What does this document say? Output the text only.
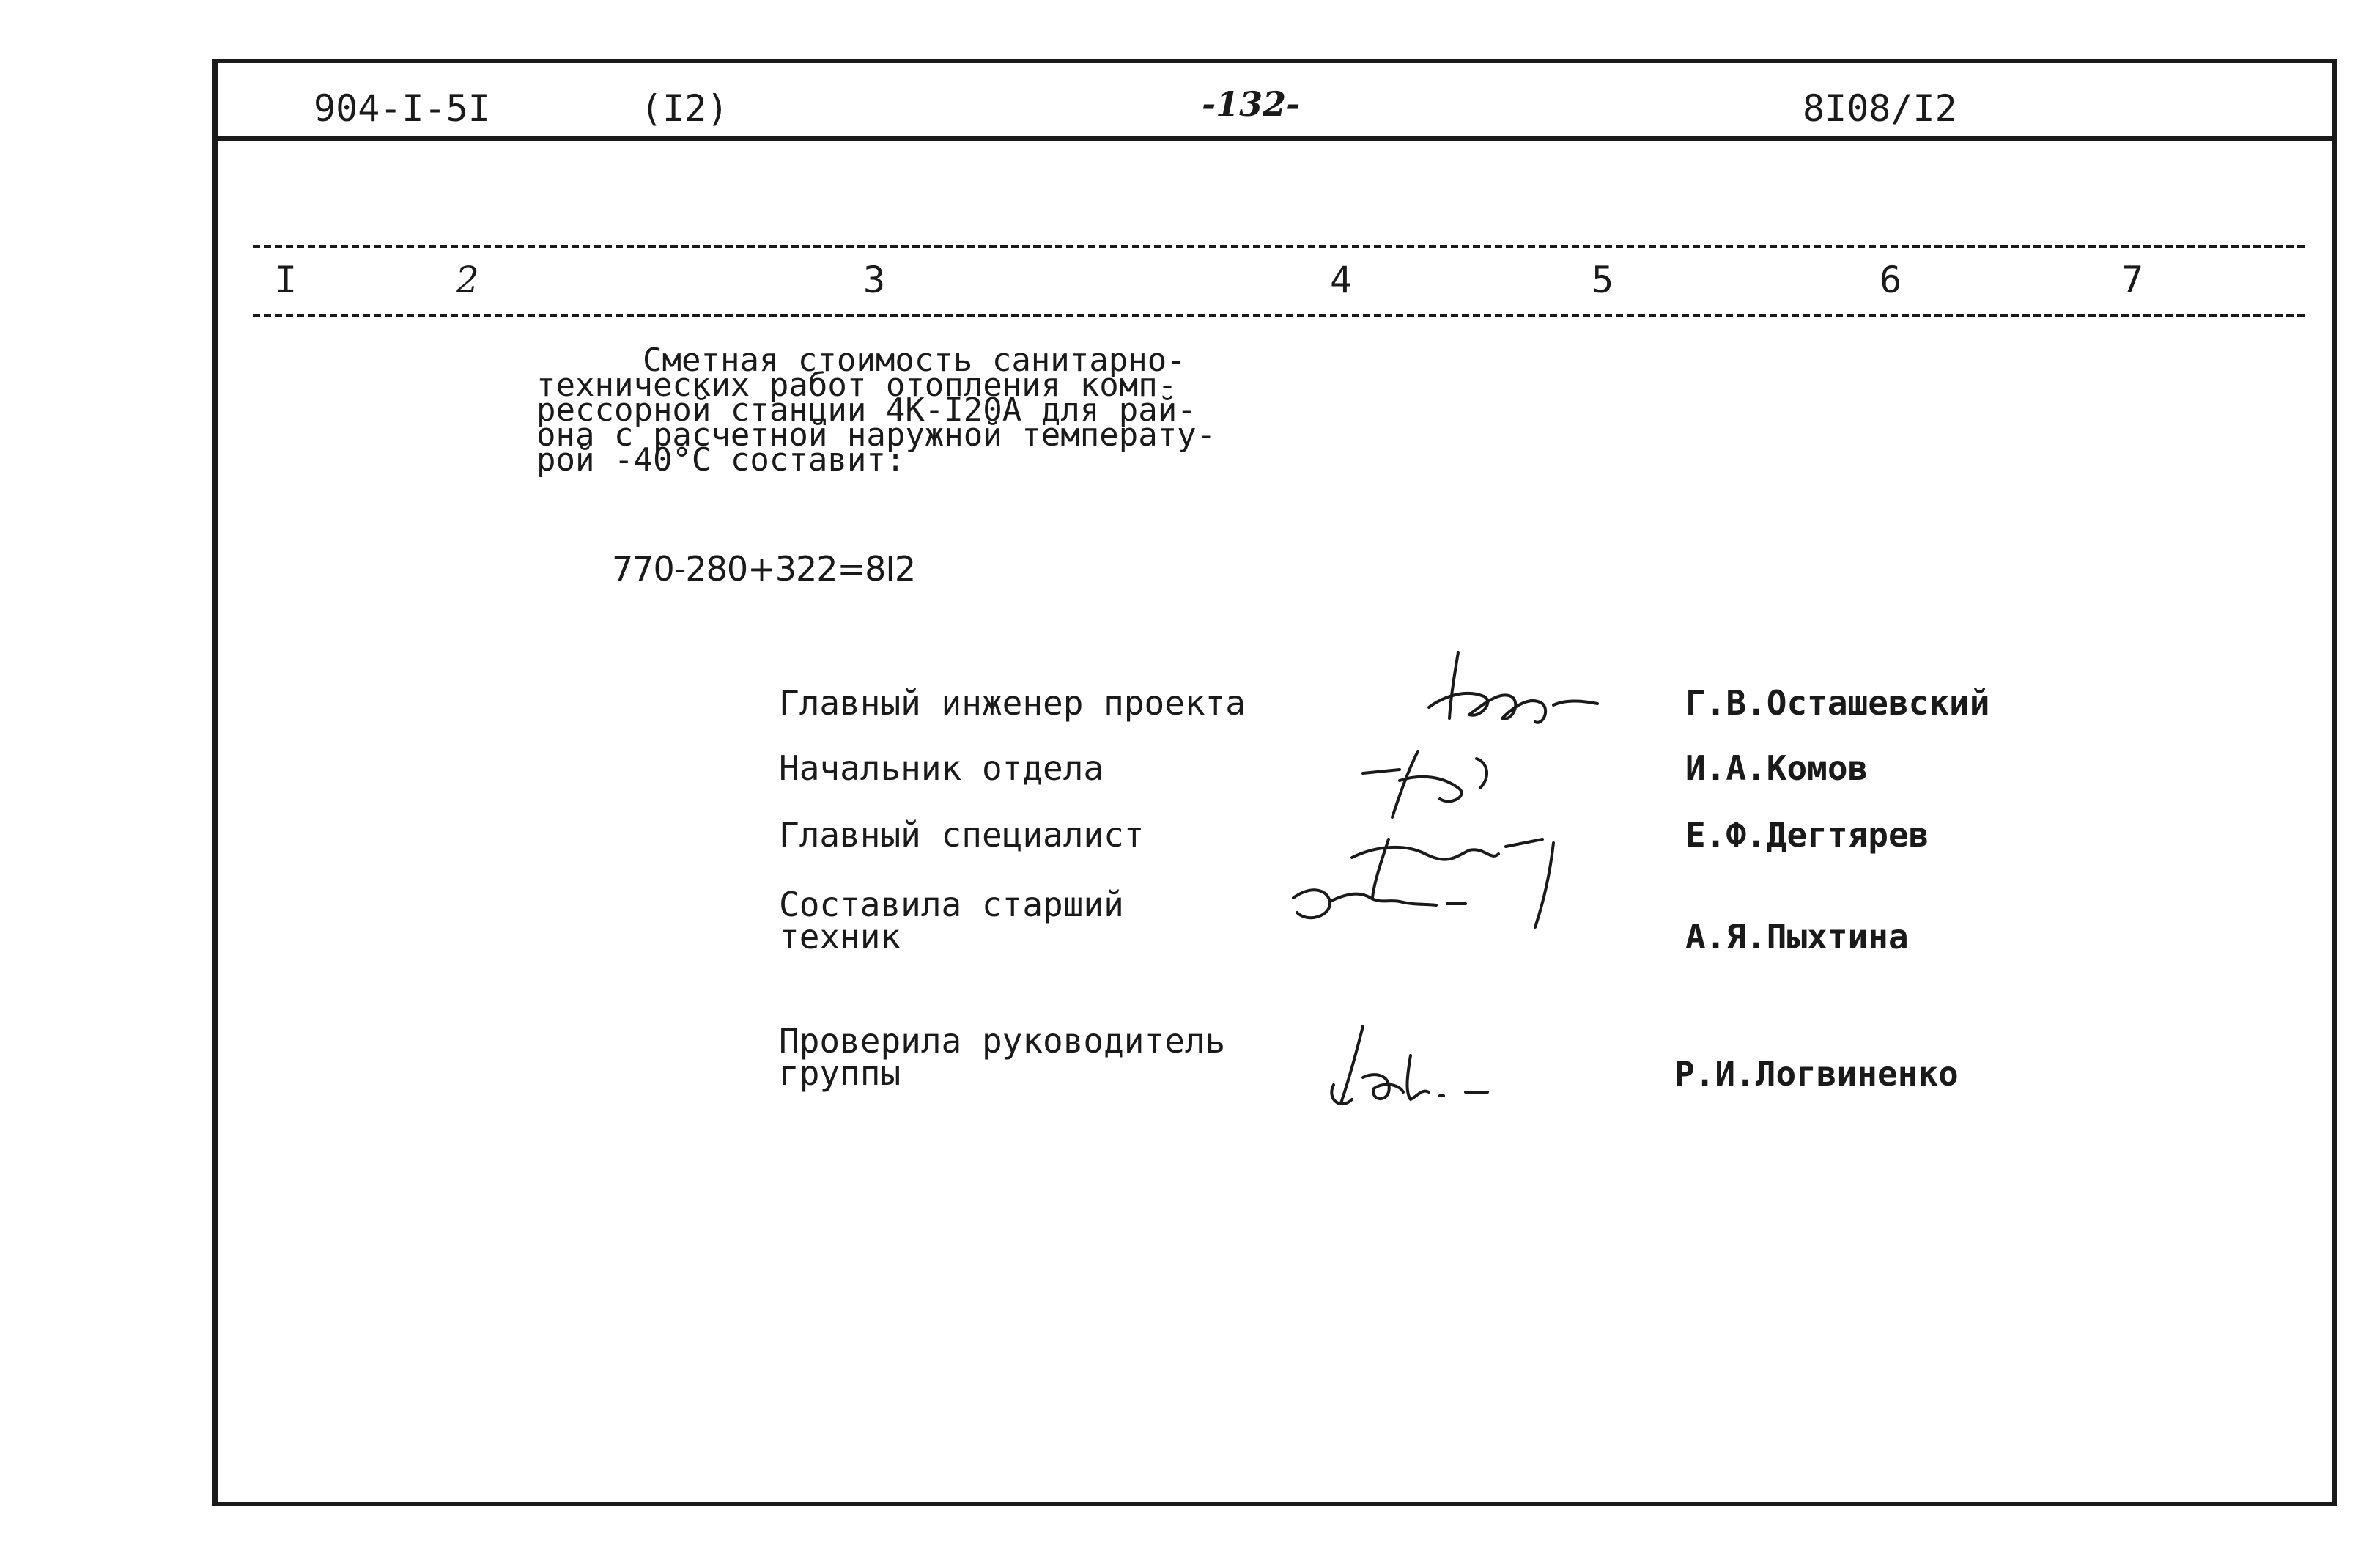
904-I-5I	(I2)	-132-	8I08/I2
I	2	3	4	5	6	7
Сметная стоимость санитарно-
технических работ отопления комп-
рессорной станции 4К-I20А для рай-
она с расчетной наружной температу-
рой -40°С составит:
770-280+322=8I2
Главный инженер проекта	Г.В.Осташевский
Начальник отдела	И.А.Комов
Главный специалист	Е.Ф.Дегтярев
Составила старший
техник	А.Я.Пыхтина
Проверила руководитель
группы	Р.И.Логвиненко
